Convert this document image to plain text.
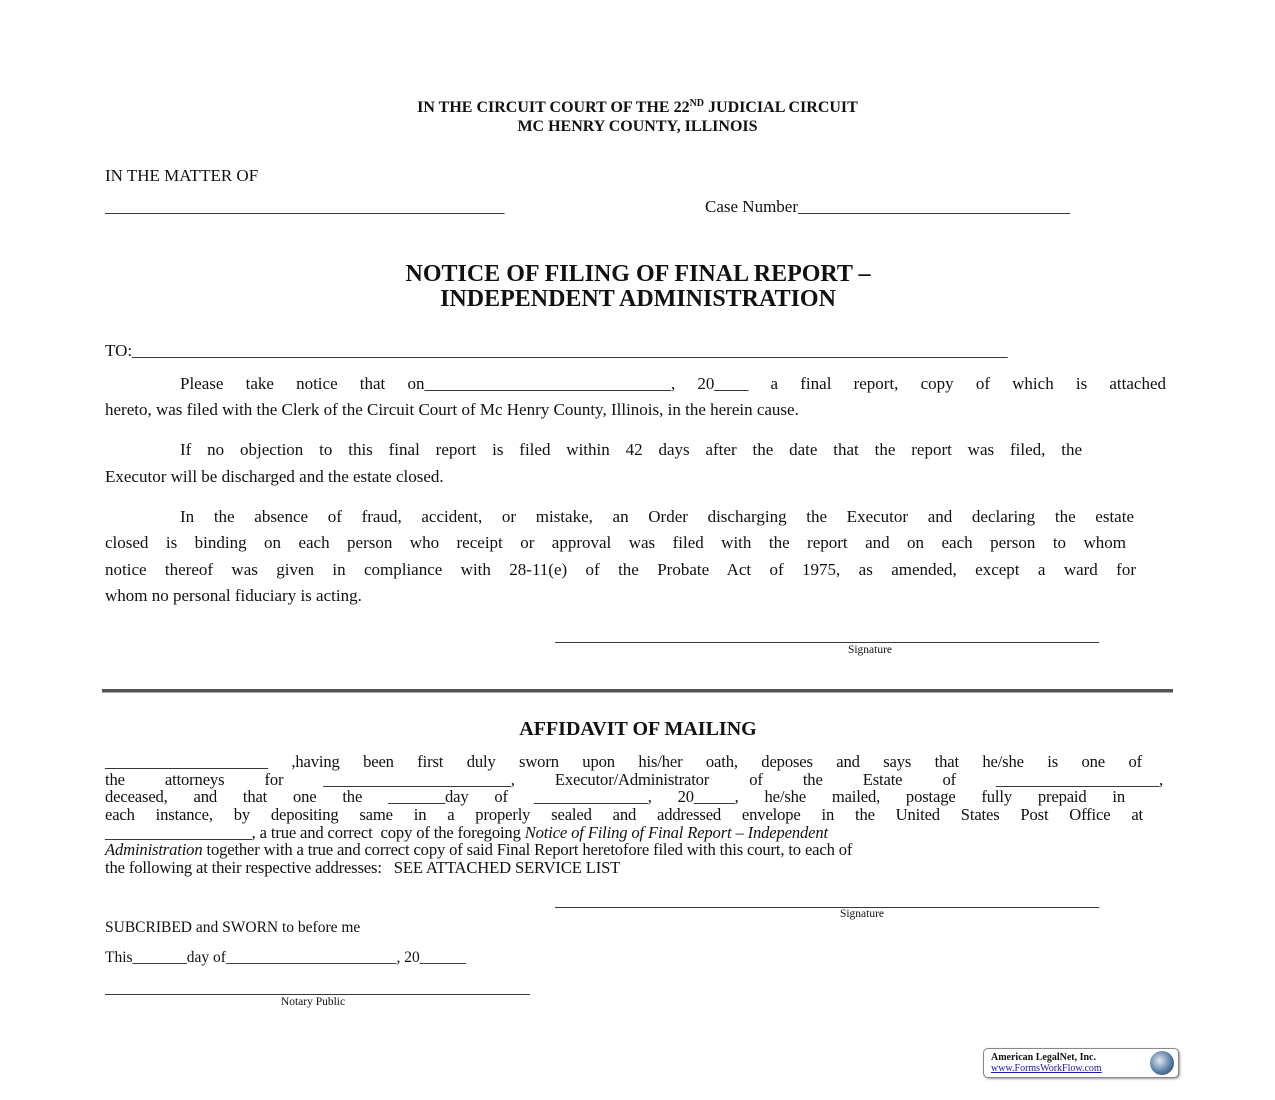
IN THE CIRCUIT COURT OF THE 22ND JUDICIAL CIRCUIT
MC HENRY COUNTY, ILLINOIS
IN THE MATTER OF
_______________________________________________	Case Number________________________________
NOTICE OF FILING OF FINAL REPORT –
INDEPENDENT ADMINISTRATION
TO:_______________________________________________________________________________________________________
Please take notice that on_____________________________, 20____ a final report, copy of which is attached
hereto, was filed with the Clerk of the Circuit Court of Mc Henry County, Illinois, in the herein cause.
If no objection to this final report is filed within 42 days after the date that the report was filed, the
Executor will be discharged and the estate closed.
In the absence of fraud, accident, or mistake, an Order discharging the Executor and declaring the estate
closed is binding on each person who receipt or approval was filed with the report and on each person to whom
notice thereof was given in compliance with 28-11(e) of the Probate Act of 1975, as amended, except a ward for
whom no personal fiduciary is acting.
________________________________________________________________
Signature
AFFIDAVIT OF MAILING
____________________ ,having been first duly sworn upon his/her oath, deposes and says that he/she is one of
the attorneys for _______________________, Executor/Administrator of the Estate of ____________________,
deceased, and that one the _______day of ______________, 20_____, he/she mailed, postage fully prepaid in
each instance, by depositing same in a properly sealed and addressed envelope in the United States Post Office at
__________________, a true and correct  copy of the foregoing Notice of Filing of Final Report – Independent
Administration together with a true and correct copy of said Final Report heretofore filed with this court, to each of
the following at their respective addresses:   SEE ATTACHED SERVICE LIST
________________________________________________________________
Signature
SUBCRIBED and SWORN to before me
This_______day of______________________, 20______
__________________________________________________
Notary Public
American LegalNet, Inc.
www.FormsWorkFlow.com
